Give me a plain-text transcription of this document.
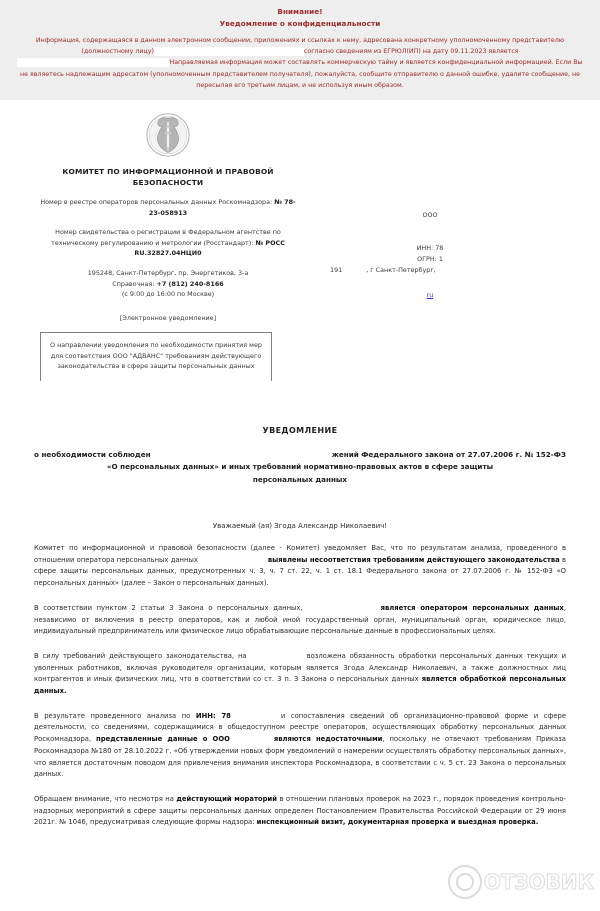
Внимание!
Уведомление о конфиденциальности
Информация, содержащаяся в данном электронном сообщении, приложениях и ссылках к нему, адресована конкретному уполномоченному представителю (должностному лицу)	согласно сведениям из ЕГРЮЛ(ИП) на дату 09.11.2023 являетсяНаправляемая информация может составлять коммерческую тайну и является конфиденциальной информацией. Если Вы не являетесь надлежащим адресатом (уполномоченным представителем получателя), пожалуйста, сообщите отправителю о данной ошибке, удалите сообщение, не пересылая его третьим лицам, и не используя иным образом.
КОМИТЕТ ПО ИНФОРМАЦИОННОЙ И ПРАВОВОЙ БЕЗОПАСНОСТИ
Номер в реестре операторов персональных данных Роскомнадзора: № 78-23-058913
Номер свидетельства о регистрации в Федеральном агентстве по техническому регулированию и метрологии (Росстандарт): № РОСС RU.32827.04НЦИ0
195248, Санкт-Петербург, пр. Энергетиков, 3-а
Справочная: +7 (812) 240-8166
(с 9:00 до 16:00 по Москве)
[Электронное уведомление]
ООО
ИНН: 78
ОГРН: 1
191	, г Санкт-Петербург,
ru
О направлении уведомления по необходимости принятия мер для соответствия ООО "АДВАНС" требованиям действующего законодательства в сфере защиты персональных данных
УВЕДОМЛЕНИЕ
о необходимости соблюден	жений Федерального закона от 27.07.2006 г. № 152-ФЗ
«О персональных данных» и иных требований нормативно-правовых актов в сфере защиты
персональных данных
Уважаемый (ая) Згода Александр Николаевич!
Комитет по информационной и правовой безопасности (далее - Комитет) уведомляет Вас, что по результатам анализа, проведенного в отношении оператора персональных данных	выявлены несоответствия требованиям действующего законодательства в сфере защиты персональных данных, предусмотренных ч. 3, ч. 7 ст. 22, ч. 1 ст. 18.1 Федерального закона от 27.07.2006 г. № 152-ФЗ «О персональных данных» (далее – Закон о персональных данных).
В соответствии пунктом 2 статьи 3 Закона о персональных данных,	является оператором персональных данных, независимо от включения в реестр операторов, как и любой иной государственный орган, муниципальный орган, юридическое лицо, индивидуальный предприниматель или физическое лицо обрабатывающие персональные данные в профессиональных целях.
В силу требований действующего законодательства, на	возложена обязанность обработки персональных данных текущих и уволенных работников, включая руководителя организации, которым является Згода Александр Николаевич, а также должностных лиц контрагентов и иных физических лиц, что в соответствии со ст. 3 п. 3 Закона о персональных данных является обработкой персональных данных.
В результате проведенного анализа по ИНН: 78	и сопоставления сведений об организационно-правовой форме и сфере деятельности, со сведениями, содержащимися в общедоступном реестре операторов, осуществляющих обработку персональных данных Роскомнадзора, представленные данные о ООО	являются недостаточными, поскольку не отвечают требованиям Приказа Роскомнадзора №180 от 28.10.2022 г. «Об утверждении новых форм уведомлений о намерении осуществлять обработку персональных данных», что является достаточным поводом для привлечения внимания инспектора Роскомнадзора, в соответствии с ч. 5 ст. 23 Закона о персональных данных.
Обращаем внимание, что несмотря на действующий мораторий в отношении плановых проверок на 2023 г., порядок проведения контрольно-надзорных мероприятий в сфере защиты персональных данных определен Постановлением Правительства Российской Федерации от 29 июня 2021г. № 1046, предусматривая следующие формы надзора: инспекционный визит, документарная проверка и выездная проверка.
ОТЗОВИК
